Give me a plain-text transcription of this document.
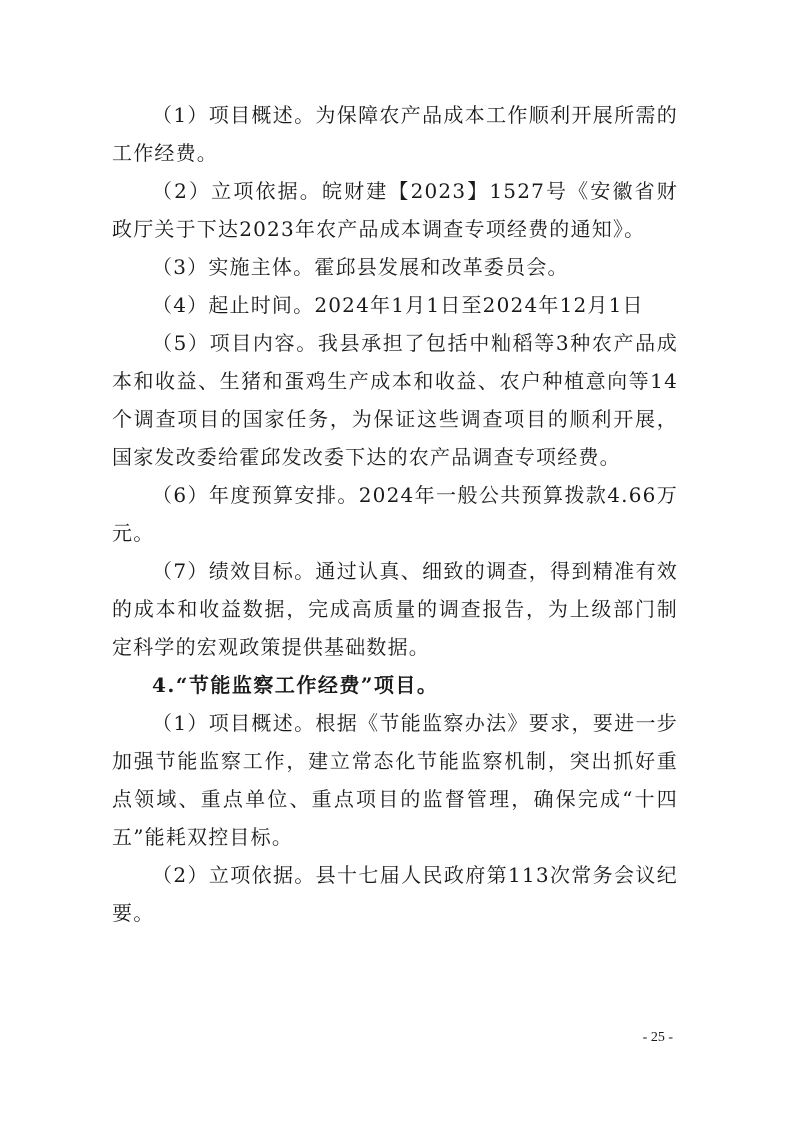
（1）项目概述。为保障农产品成本工作顺利开展所需的工作经费。

（2）立项依据。皖财建【2023】1527号《安徽省财政厅关于下达2023年农产品成本调查专项经费的通知》。

（3）实施主体。霍邱县发展和改革委员会。

（4）起止时间。2024年1月1日至2024年12月1日

（5）项目内容。我县承担了包括中籼稻等3种农产品成本和收益、生猪和蛋鸡生产成本和收益、农户种植意向等14个调查项目的国家任务，为保证这些调查项目的顺利开展，国家发改委给霍邱发改委下达的农产品调查专项经费。

（6）年度预算安排。2024年一般公共预算拨款4.66万元。

（7）绩效目标。通过认真、细致的调查，得到精准有效的成本和收益数据，完成高质量的调查报告，为上级部门制定科学的宏观政策提供基础数据。

4.“节能监察工作经费”项目。

（1）项目概述。根据《节能监察办法》要求，要进一步加强节能监察工作，建立常态化节能监察机制，突出抓好重点领域、重点单位、重点项目的监督管理，确保完成“十四五”能耗双控目标。

（2）立项依据。县十七届人民政府第113次常务会议纪要。

- 25 -
